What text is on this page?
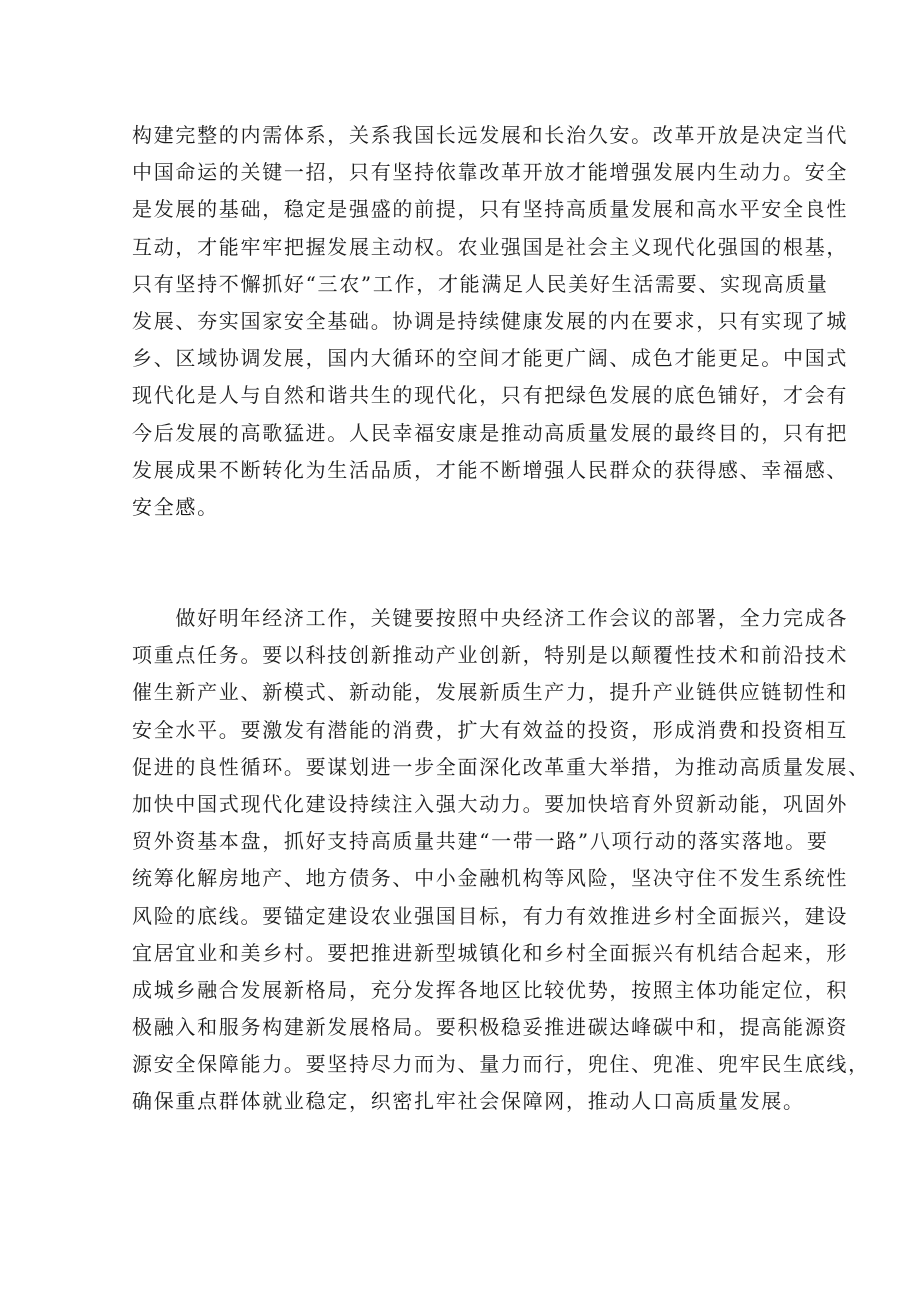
构建完整的内需体系，关系我国长远发展和长治久安。改革开放是决定当代
中国命运的关键一招，只有坚持依靠改革开放才能增强发展内生动力。安全
是发展的基础，稳定是强盛的前提，只有坚持高质量发展和高水平安全良性
互动，才能牢牢把握发展主动权。农业强国是社会主义现代化强国的根基，
只有坚持不懈抓好“三农”工作，才能满足人民美好生活需要、实现高质量
发展、夯实国家安全基础。协调是持续健康发展的内在要求，只有实现了城
乡、区域协调发展，国内大循环的空间才能更广阔、成色才能更足。中国式
现代化是人与自然和谐共生的现代化，只有把绿色发展的底色铺好，才会有
今后发展的高歌猛进。人民幸福安康是推动高质量发展的最终目的，只有把
发展成果不断转化为生活品质，才能不断增强人民群众的获得感、幸福感、
安全感。
　　做好明年经济工作，关键要按照中央经济工作会议的部署，全力完成各
项重点任务。要以科技创新推动产业创新，特别是以颠覆性技术和前沿技术
催生新产业、新模式、新动能，发展新质生产力，提升产业链供应链韧性和
安全水平。要激发有潜能的消费，扩大有效益的投资，形成消费和投资相互
促进的良性循环。要谋划进一步全面深化改革重大举措，为推动高质量发展、
加快中国式现代化建设持续注入强大动力。要加快培育外贸新动能，巩固外
贸外资基本盘，抓好支持高质量共建“一带一路”八项行动的落实落地。要
统筹化解房地产、地方债务、中小金融机构等风险，坚决守住不发生系统性
风险的底线。要锚定建设农业强国目标，有力有效推进乡村全面振兴，建设
宜居宜业和美乡村。要把推进新型城镇化和乡村全面振兴有机结合起来，形
成城乡融合发展新格局，充分发挥各地区比较优势，按照主体功能定位，积
极融入和服务构建新发展格局。要积极稳妥推进碳达峰碳中和，提高能源资
源安全保障能力。要坚持尽力而为、量力而行，兜住、兜准、兜牢民生底线，
确保重点群体就业稳定，织密扎牢社会保障网，推动人口高质量发展。
